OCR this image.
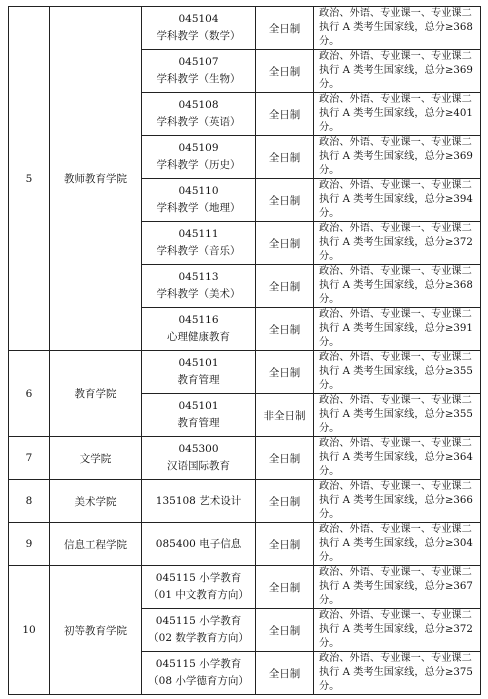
5	教师教育学院	045104
学科教学（数学）	全日制	政治、外语、专业课一、专业课二
执行 A 类考生国家线，总分≥368
分。

		045107
学科教学（生物）	全日制	政治、外语、专业课一、专业课二
执行 A 类考生国家线，总分≥369
分。

		045108
学科教学（英语）	全日制	政治、外语、专业课一、专业课二
执行 A 类考生国家线，总分≥401
分。

		045109
学科教学（历史）	全日制	政治、外语、专业课一、专业课二
执行 A 类考生国家线，总分≥369
分。

		045110
学科教学（地理）	全日制	政治、外语、专业课一、专业课二
执行 A 类考生国家线，总分≥394
分。

		045111
学科教学（音乐）	全日制	政治、外语、专业课一、专业课二
执行 A 类考生国家线，总分≥372
分。

		045113
学科教学（美术）	全日制	政治、外语、专业课一、专业课二
执行 A 类考生国家线，总分≥368
分。

		045116
心理健康教育	全日制	政治、外语、专业课一、专业课二
执行 A 类考生国家线，总分≥391
分。

6	教育学院	045101
教育管理	全日制	政治、外语、专业课一、专业课二
执行 A 类考生国家线，总分≥355
分。

		045101
教育管理	非全日制	政治、外语、专业课一、专业课二
执行 A 类考生国家线，总分≥355
分。

7	文学院	045300
汉语国际教育	全日制	政治、外语、专业课一、专业课二
执行 A 类考生国家线，总分≥364
分。

8	美术学院	135108 艺术设计	全日制	政治、外语、专业课一、专业课二
执行 A 类考生国家线，总分≥366
分。

9	信息工程学院	085400 电子信息	全日制	政治、外语、专业课一、专业课二
执行 A 类考生国家线，总分≥304
分。

10	初等教育学院	045115 小学教育
（01 中文教育方向）	全日制	政治、外语、专业课一、专业课二
执行 A 类考生国家线，总分≥367
分。

		045115 小学教育
（02 数学教育方向）	全日制	政治、外语、专业课一、专业课二
执行 A 类考生国家线，总分≥372
分。

		045115 小学教育
（08 小学德育方向）	全日制	政治、外语、专业课一、专业课二
执行 A 类考生国家线，总分≥375
分。
